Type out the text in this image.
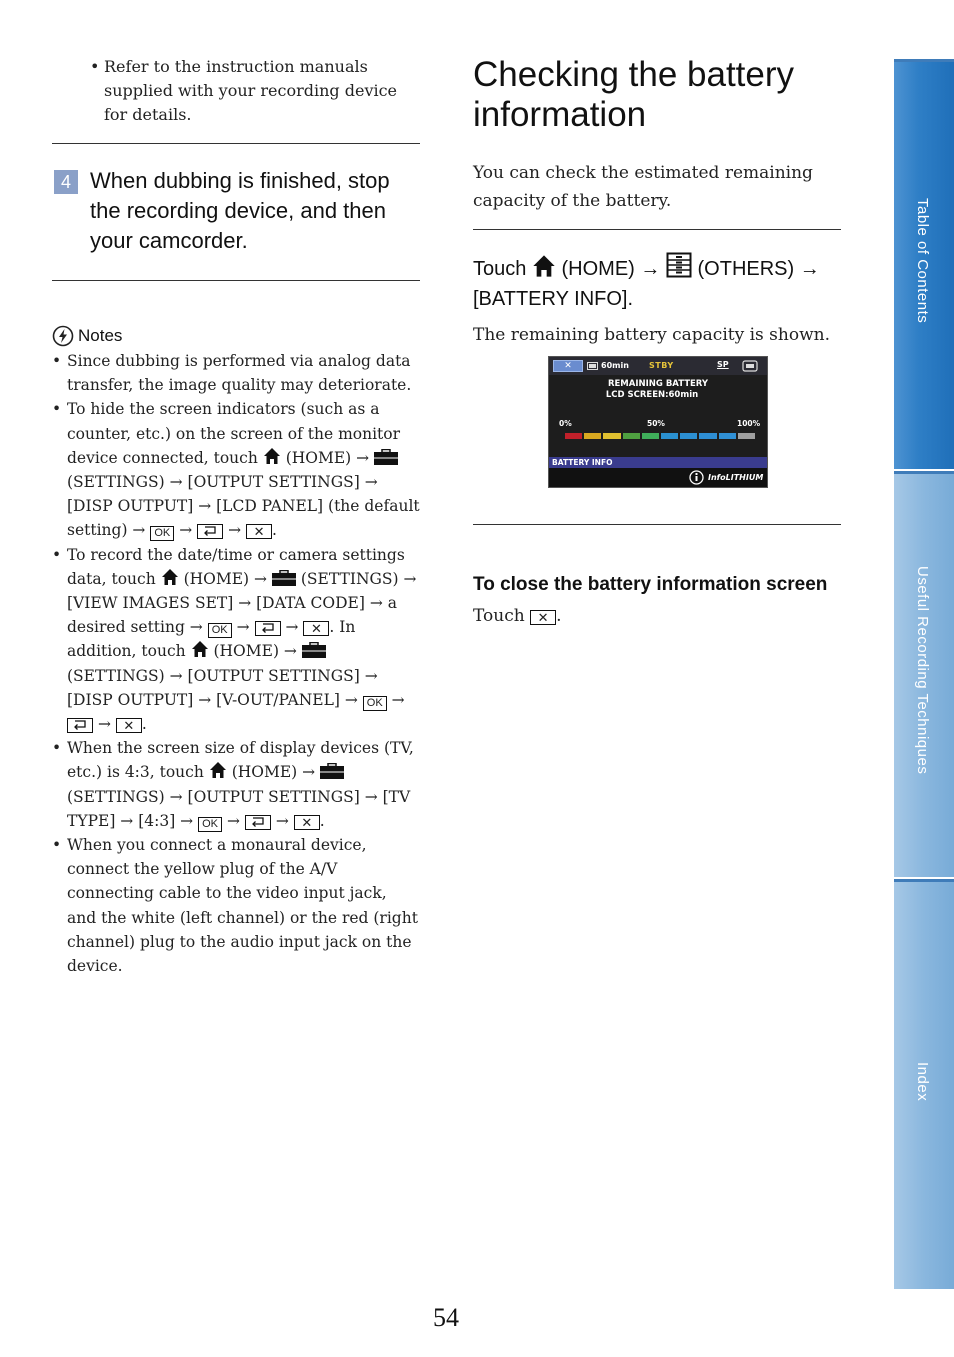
• Refer to the instruction manuals supplied with your recording device for details.
4 When dubbing is finished, stop the recording device, and then your camcorder.
Notes
• Since dubbing is performed via analog data transfer, the image quality may deteriorate.
• To hide the screen indicators (such as a counter, etc.) on the screen of the monitor device connected, touch (HOME) →  (SETTINGS) → [OUTPUT SETTINGS] → [DISP OUTPUT] → [LCD PANEL] (the default setting) → OK → → ✕ .
• To record the date/time or camera settings data, touch (HOME) → (SETTINGS) → [VIEW IMAGES SET] → [DATA CODE] → a desired setting → OK → → ✕ . In addition, touch (HOME) →  (SETTINGS) → [OUTPUT SETTINGS] → [DISP OUTPUT] → [V-OUT/PANEL] → OK →  → ✕ .
• When the screen size of display devices (TV, etc.) is 4:3, touch (HOME) →  (SETTINGS) → [OUTPUT SETTINGS] → [TV TYPE] → [4:3] → OK → → ✕ .
• When you connect a monaural device, connect the yellow plug of the A/V connecting cable to the video input jack, and the white (left channel) or the red (right channel) plug to the audio input jack on the device.
Checking the battery information

You can check the estimated remaining capacity of the battery.

Touch (HOME) → (OTHERS) →
[BATTERY INFO].

The remaining battery capacity is shown.

✕	60min	STBY	SP
REMAINING BATTERY
LCD SCREEN:60min
0%	50%	100%
BATTERY INFO
InfoLITHIUM
To close the battery information screen

Touch ✕ .

Table of Contents
Useful Recording Techniques
Index
54
